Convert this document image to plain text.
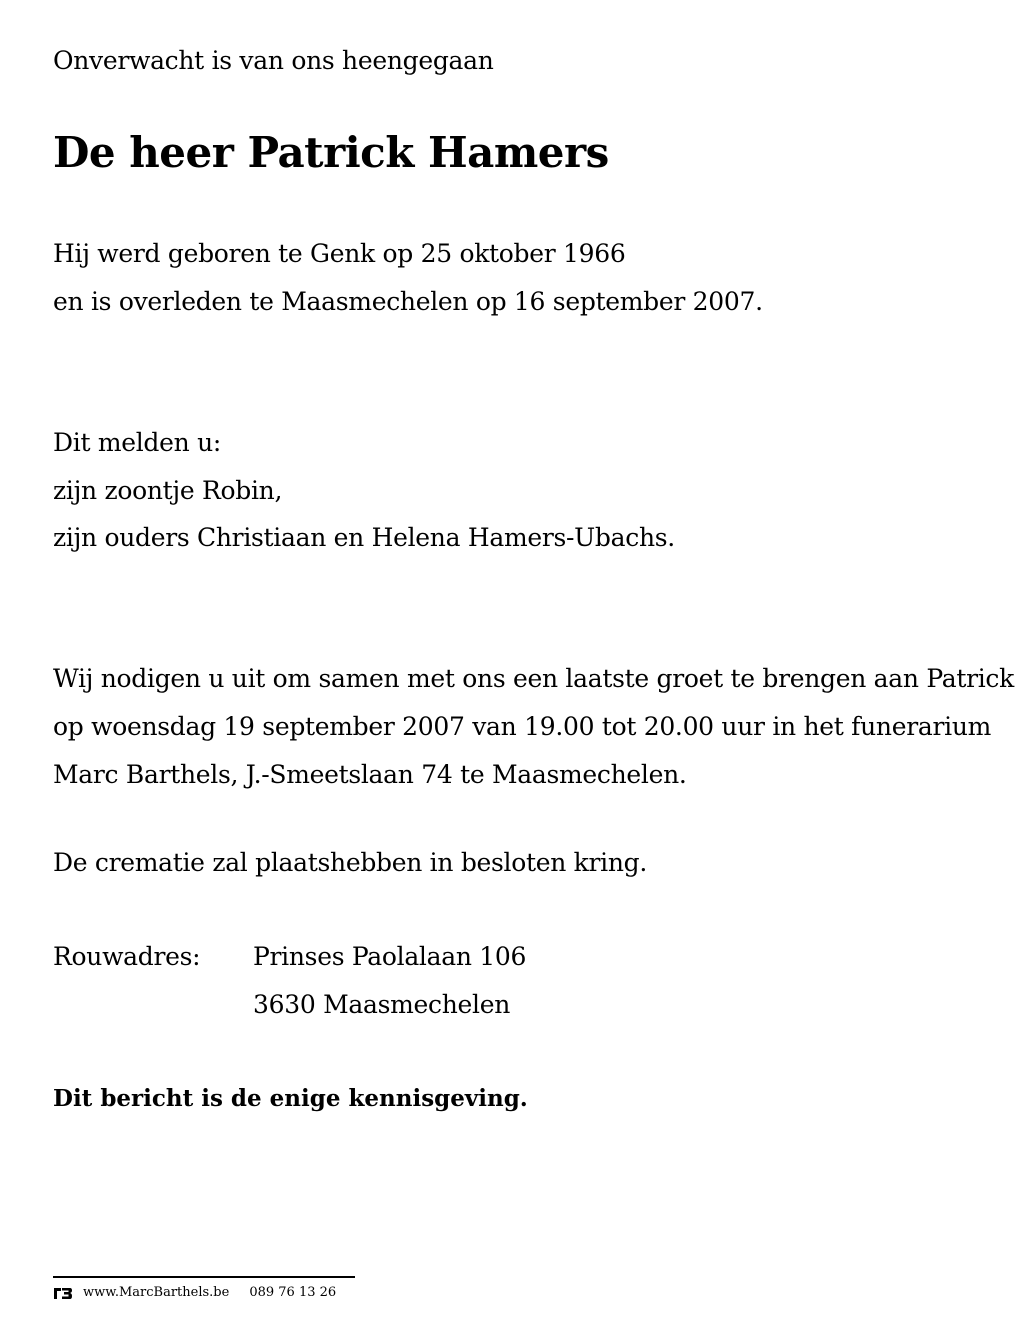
Onverwacht is van ons heengegaan
De heer Patrick Hamers
Hij werd geboren te Genk op 25 oktober 1966
en is overleden te Maasmechelen op 16 september 2007.
Dit melden u:
zijn zoontje Robin,
zijn ouders Christiaan en Helena Hamers-Ubachs.
Wij nodigen u uit om samen met ons een laatste groet te brengen aan Patrick
op woensdag 19 september 2007 van 19.00 tot 20.00 uur in het funerarium
Marc Barthels, J.-Smeetslaan 74 te Maasmechelen.
De crematie zal plaatshebben in besloten kring.
Rouwadres: Prinses Paolalaan 106
3630 Maasmechelen
Dit bericht is de enige kennisgeving.
www.MarcBarthels.be 089 76 13 26
